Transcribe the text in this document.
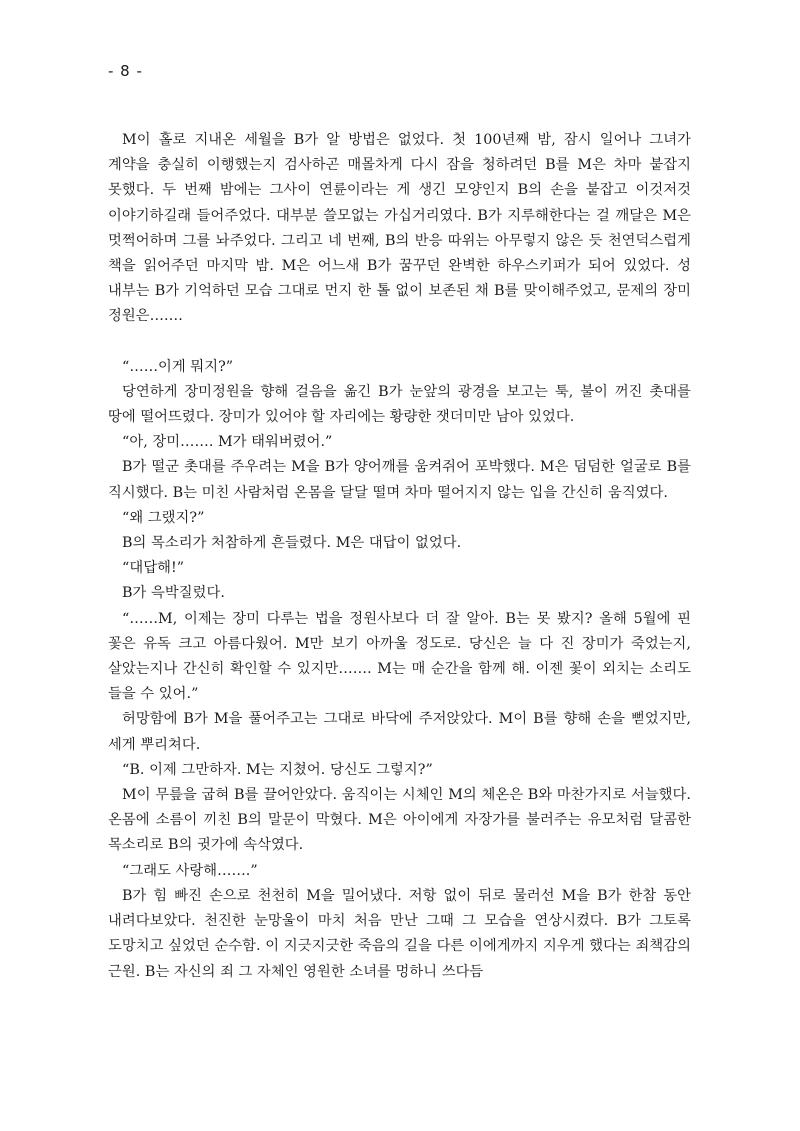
- 8 -

M이 홀로 지내온 세월을 B가 알 방법은 없었다. 첫 100년째 밤, 잠시 일어나 그녀가 계약을 충실히 이행했는지 검사하곤 매몰차게 다시 잠을 청하려던 B를 M은 차마 붙잡지 못했다. 두 번째 밤에는 그사이 연륜이라는 게 생긴 모양인지 B의 손을 붙잡고 이것저것 이야기하길래 들어주었다. 대부분 쓸모없는 가십거리였다. B가 지루해한다는 걸 깨달은 M은 멋쩍어하며 그를 놔주었다. 그리고 네 번째, B의 반응 따위는 아무렇지 않은 듯 천연덕스럽게 책을 읽어주던 마지막 밤. M은 어느새 B가 꿈꾸던 완벽한 하우스키퍼가 되어 있었다. 성 내부는 B가 기억하던 모습 그대로 먼지 한 톨 없이 보존된 채 B를 맞이해주었고, 문제의 장미 정원은…….

“……이게 뭐지?”

당연하게 장미정원을 향해 걸음을 옮긴 B가 눈앞의 광경을 보고는 툭, 불이 꺼진 촛대를 땅에 떨어뜨렸다. 장미가 있어야 할 자리에는 황량한 잿더미만 남아 있었다.

“아, 장미……. M가 태워버렸어.”

B가 떨군 촛대를 주우려는 M을 B가 양어깨를 움켜쥐어 포박했다. M은 덤덤한 얼굴로 B를 직시했다. B는 미친 사람처럼 온몸을 달달 떨며 차마 떨어지지 않는 입을 간신히 움직였다.

“왜 그랬지?”

B의 목소리가 처참하게 흔들렸다. M은 대답이 없었다.

“대답해!”

B가 윽박질렀다.

“……M, 이제는 장미 다루는 법을 정원사보다 더 잘 알아. B는 못 봤지? 올해 5월에 핀 꽃은 유독 크고 아름다웠어. M만 보기 아까울 정도로. 당신은 늘 다 진 장미가 죽었는지, 살았는지나 간신히 확인할 수 있지만……. M는 매 순간을 함께 해. 이젠 꽃이 외치는 소리도 들을 수 있어.”

허망함에 B가 M을 풀어주고는 그대로 바닥에 주저앉았다. M이 B를 향해 손을 뻗었지만, 세게 뿌리쳐다.

“B. 이제 그만하자. M는 지쳤어. 당신도 그렇지?”

M이 무릎을 굽혀 B를 끌어안았다. 움직이는 시체인 M의 체온은 B와 마찬가지로 서늘했다. 온몸에 소름이 끼친 B의 말문이 막혔다. M은 아이에게 자장가를 불러주는 유모처럼 달콤한 목소리로 B의 귓가에 속삭였다.

“그래도 사랑해…….”

B가 힘 빠진 손으로 천천히 M을 밀어냈다. 저항 없이 뒤로 물러선 M을 B가 한참 동안 내려다보았다. 천진한 눈망울이 마치 처음 만난 그때 그 모습을 연상시켰다. B가 그토록 도망치고 싶었던 순수함. 이 지긋지긋한 죽음의 길을 다른 이에게까지 지우게 했다는 죄책감의 근원. B는 자신의 죄 그 자체인 영원한 소녀를 멍하니 쓰다듬
